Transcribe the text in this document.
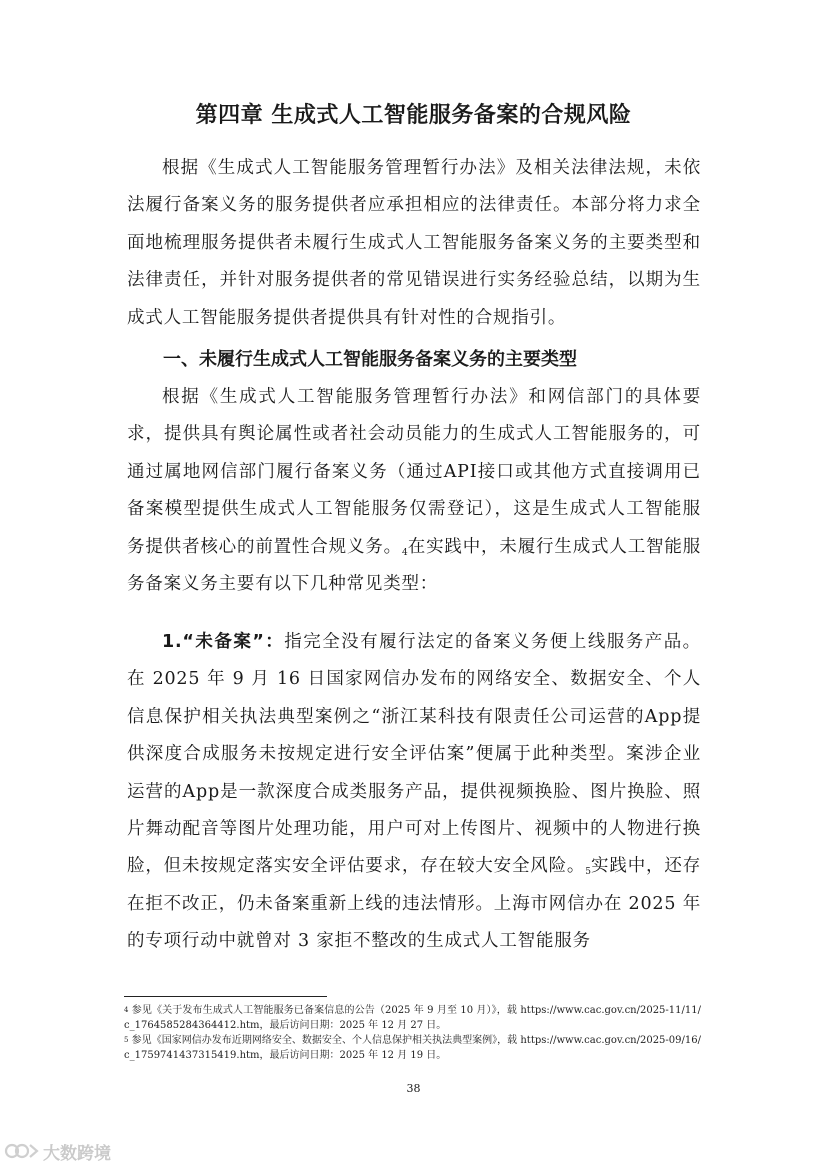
第四章 生成式人工智能服务备案的合规风险

根据《生成式人工智能服务管理暂行办法》及相关法律法规，未依法履行备案义务的服务提供者应承担相应的法律责任。本部分将力求全面地梳理服务提供者未履行生成式人工智能服务备案义务的主要类型和法律责任，并针对服务提供者的常见错误进行实务经验总结，以期为生成式人工智能服务提供者提供具有针对性的合规指引。

一、未履行生成式人工智能服务备案义务的主要类型

根据《生成式人工智能服务管理暂行办法》和网信部门的具体要求，提供具有舆论属性或者社会动员能力的生成式人工智能服务的，可通过属地网信部门履行备案义务（通过API接口或其他方式直接调用已备案模型提供生成式人工智能服务仅需登记），这是生成式人工智能服务提供者核心的前置性合规义务。$^4$在实践中，未履行生成式人工智能服务备案义务主要有以下几种常见类型：

1.“未备案”：指完全没有履行法定的备案义务便上线服务产品。在 2025 年 9 月 16 日国家网信办发布的网络安全、数据安全、个人信息保护相关执法典型案例之“浙江某科技有限责任公司运营的App提供深度合成服务未按规定进行安全评估案”便属于此种类型。案涉企业运营的App是一款深度合成类服务产品，提供视频换脸、图片换脸、照片舞动配音等图片处理功能，用户可对上传图片、视频中的人物进行换脸，但未按规定落实安全评估要求，存在较大安全风险。$^5$实践中，还存在拒不改正，仍未备案重新上线的违法情形。上海市网信办在 2025 年的专项行动中就曾对 3 家拒不整改的生成式人工智能服务

$^4$ 参见《关于发布生成式人工智能服务已备案信息的公告（2025 年 9 月至 10 月）》，载 https://www.cac.gov.cn/2025-11/11/c_1764585284364412.htm，最后访问日期：2025 年 12 月 27 日。
$^5$ 参见《国家网信办发布近期网络安全、数据安全、个人信息保护相关执法典型案例》，载 https://www.cac.gov.cn/2025-09/16/c_1759741437315419.htm，最后访问日期：2025 年 12 月 19 日。
38
大数跨境
